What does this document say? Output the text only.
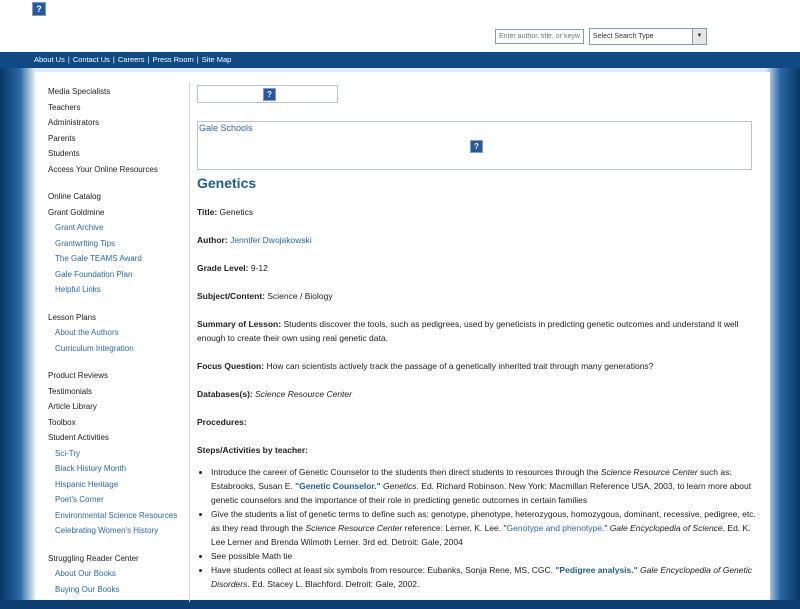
?
Enter author, title, or keyword
Select Search Type	▼
About Us | Contact Us | Careers | Press Room | Site Map
Media Specialists
Teachers
Administrators
Parents
Students
Access Your Online Resources
Online Catalog
Grant Goldmine
Grant Archive
Grantwriting Tips
The Gale TEAMS Award
Gale Foundation Plan
Helpful Links
Lesson Plans
About the Authors
Curriculum Integration
Product Reviews
Testimonials
Article Library
Toolbox
Student Activities
Sci-Try
Black History Month
Hispanic Heritage
Poet's Corner
Environmental Science Resources
Celebrating Women's History
Struggling Reader Center
About Our Books
Buying Our Books
?
Gale Schools
?
Genetics
Title: Genetics
Author: Jennifer Dwojakowski
Grade Level: 9-12
Subject/Content: Science / Biology
Summary of Lesson: Students discover the tools, such as pedigrees, used by geneticists in predicting genetic outcomes and understand it well enough to create their own using real genetic data.
Focus Question: How can scientists actively track the passage of a genetically inherited trait through many generations?
Databases(s): Science Resource Center
Procedures:
Steps/Activities by teacher:
• Introduce the career of Genetic Counselor to the students then direct students to resources through the Science Resource Center such as: Estabrooks, Susan E. "Genetic Counselor." Genetics. Ed. Richard Robinson. New York: Macmillan Reference USA, 2003, to learn more about genetic counselors and the importance of their role in predicting genetic outcomes in certain families
• Give the students a list of genetic terms to define such as: genotype, phenotype, heterozygous, homozygous, dominant, recessive, pedigree, etc. as they read through the Science Resource Center reference: Lerner, K. Lee. "Genotype and phenotype." Gale Encyclopedia of Science. Ed. K. Lee Lerner and Brenda Wilmoth Lerner. 3rd ed. Detroit: Gale, 2004
• See possible Math tie
• Have students collect at least six symbols from resource: Eubanks, Sonja Rene, MS, CGC. "Pedigree analysis." Gale Encyclopedia of Genetic Disorders. Ed. Stacey L. Blachford. Detroit: Gale, 2002.
